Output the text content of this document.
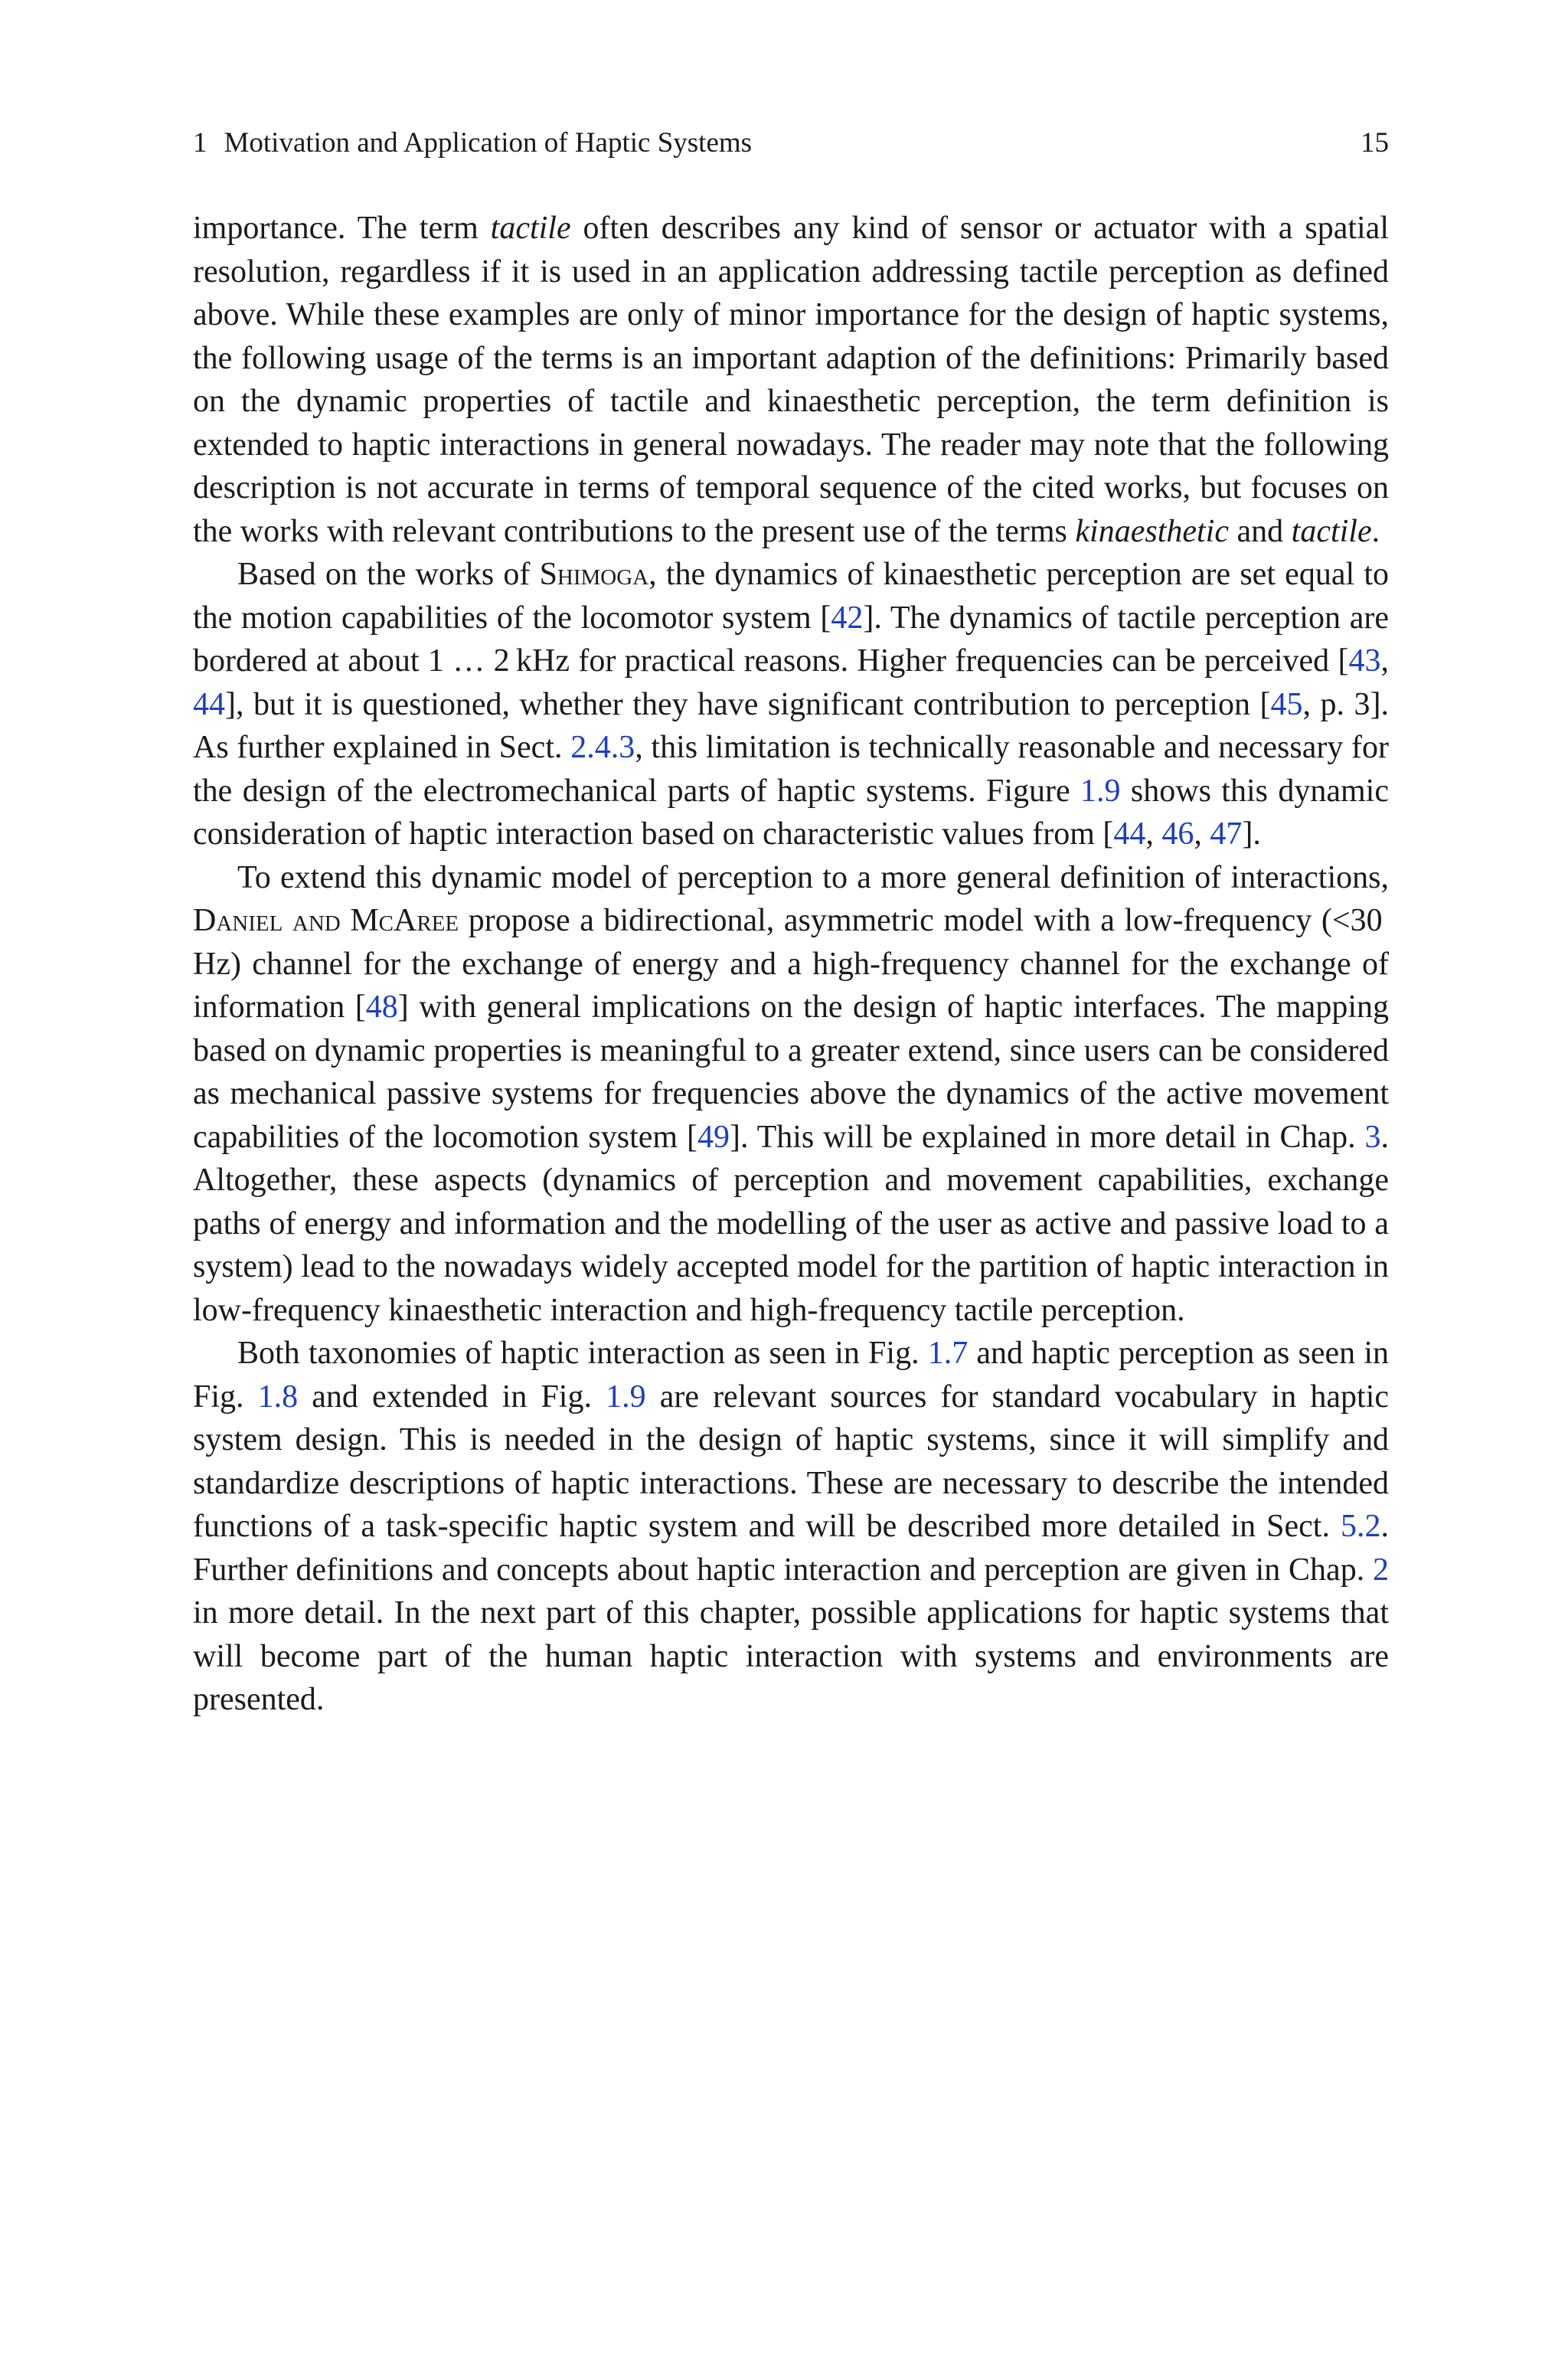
1 Motivation and Application of Haptic Systems	15

importance. The term tactile often describes any kind of sensor or actuator with a spatial resolution, regardless if it is used in an application addressing tactile perception as defined above. While these examples are only of minor importance for the design of haptic systems, the following usage of the terms is an important adaption of the definitions: Primarily based on the dynamic properties of tactile and kinaesthetic perception, the term definition is extended to haptic interactions in general nowadays. The reader may note that the following description is not accurate in terms of temporal sequence of the cited works, but focuses on the works with relevant contributions to the present use of the terms kinaesthetic and tactile.

Based on the works of Shimoga, the dynamics of kinaesthetic perception are set equal to the motion capabilities of the locomotor system [42]. The dynamics of tactile perception are bordered at about 1 … 2 kHz for practical reasons. Higher frequencies can be perceived [43, 44], but it is questioned, whether they have significant contribution to perception [45, p. 3]. As further explained in Sect. 2.4.3, this limitation is technically reasonable and necessary for the design of the electromechanical parts of haptic systems. Figure 1.9 shows this dynamic consideration of haptic interaction based on characteristic values from [44, 46, 47].

To extend this dynamic model of perception to a more general definition of interactions, Daniel and McAree propose a bidirectional, asymmetric model with a low-frequency (<30 Hz) channel for the exchange of energy and a high-frequency channel for the exchange of information [48] with general implications on the design of haptic interfaces. The mapping based on dynamic properties is meaningful to a greater extend, since users can be considered as mechanical passive systems for frequencies above the dynamics of the active movement capabilities of the locomotion system [49]. This will be explained in more detail in Chap. 3. Altogether, these aspects (dynamics of perception and movement capabilities, exchange paths of energy and information and the modelling of the user as active and passive load to a system) lead to the nowadays widely accepted model for the partition of haptic interaction in low-frequency kinaesthetic interaction and high-frequency tactile perception.

Both taxonomies of haptic interaction as seen in Fig. 1.7 and haptic perception as seen in Fig. 1.8 and extended in Fig. 1.9 are relevant sources for standard vocabulary in haptic system design. This is needed in the design of haptic systems, since it will simplify and standardize descriptions of haptic interactions. These are necessary to describe the intended functions of a task-specific haptic system and will be described more detailed in Sect. 5.2. Further definitions and concepts about haptic interaction and perception are given in Chap. 2 in more detail. In the next part of this chapter, possible applications for haptic systems that will become part of the human haptic interaction with systems and environments are presented.
